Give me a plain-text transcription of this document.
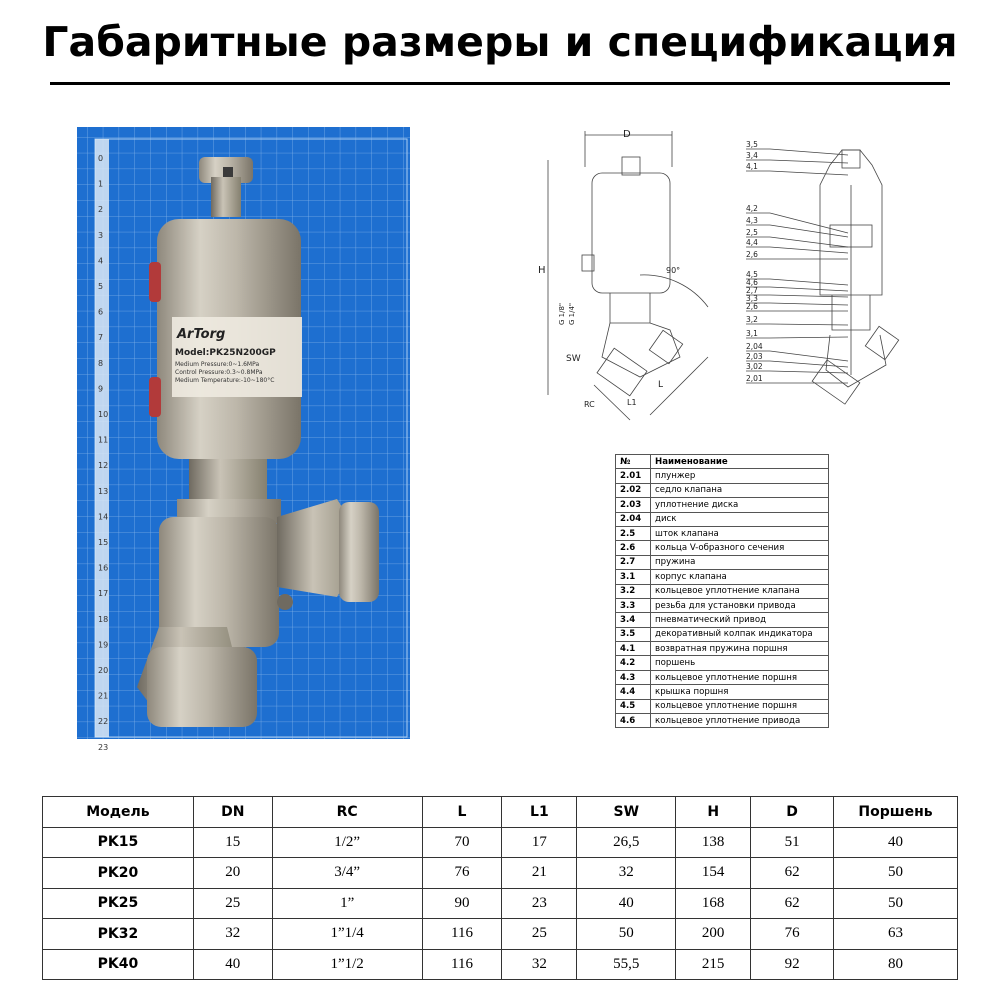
Габаритные размеры и спецификация
0
1
2
3
4
5
6
7
8
9
10
11
12
13
14
15
16
17
18
19
20
21
22
23
ArTorg
Model:PK25N200GP
Medium Pressure:0~1.6MPa
Control Pressure:0.3~0.8MPa
Medium Temperature:-10~180°C
D
H	90°
G 1/8" G 1/4"
SW
RC	L1
L
3,5
3,4
4,1
4,2
4,3
2,5
4,4
2,6
4,5
4,6
2,7
3,3
2,6
3,2
3,1
2,04
2,03
3,02
2,01
№	Наименование
2.01	плунжер
2.02	седло клапана
2.03	уплотнение диска
2.04	диск
2.5	шток клапана
2.6	кольца V-образного сечения
2.7	пружина
3.1	корпус клапана
3.2	кольцевое уплотнение клапана
3.3	резьба для установки привода
3.4	пневматический привод
3.5	декоративный колпак индикатора
4.1	возвратная пружина поршня
4.2	поршень
4.3	кольцевое уплотнение поршня
4.4	крышка поршня
4.5	кольцевое уплотнение поршня
4.6	кольцевое уплотнение привода
Модель	DN	RC	L	L1	SW	H	D	Поршень
PK15	15	1/2”	70	17	26,5	138	51	40
PK20	20	3/4”	76	21	32	154	62	50
PK25	25	1”	90	23	40	168	62	50
PK32	32	1”1/4	116	25	50	200	76	63
PK40	40	1”1/2	116	32	55,5	215	92	80
